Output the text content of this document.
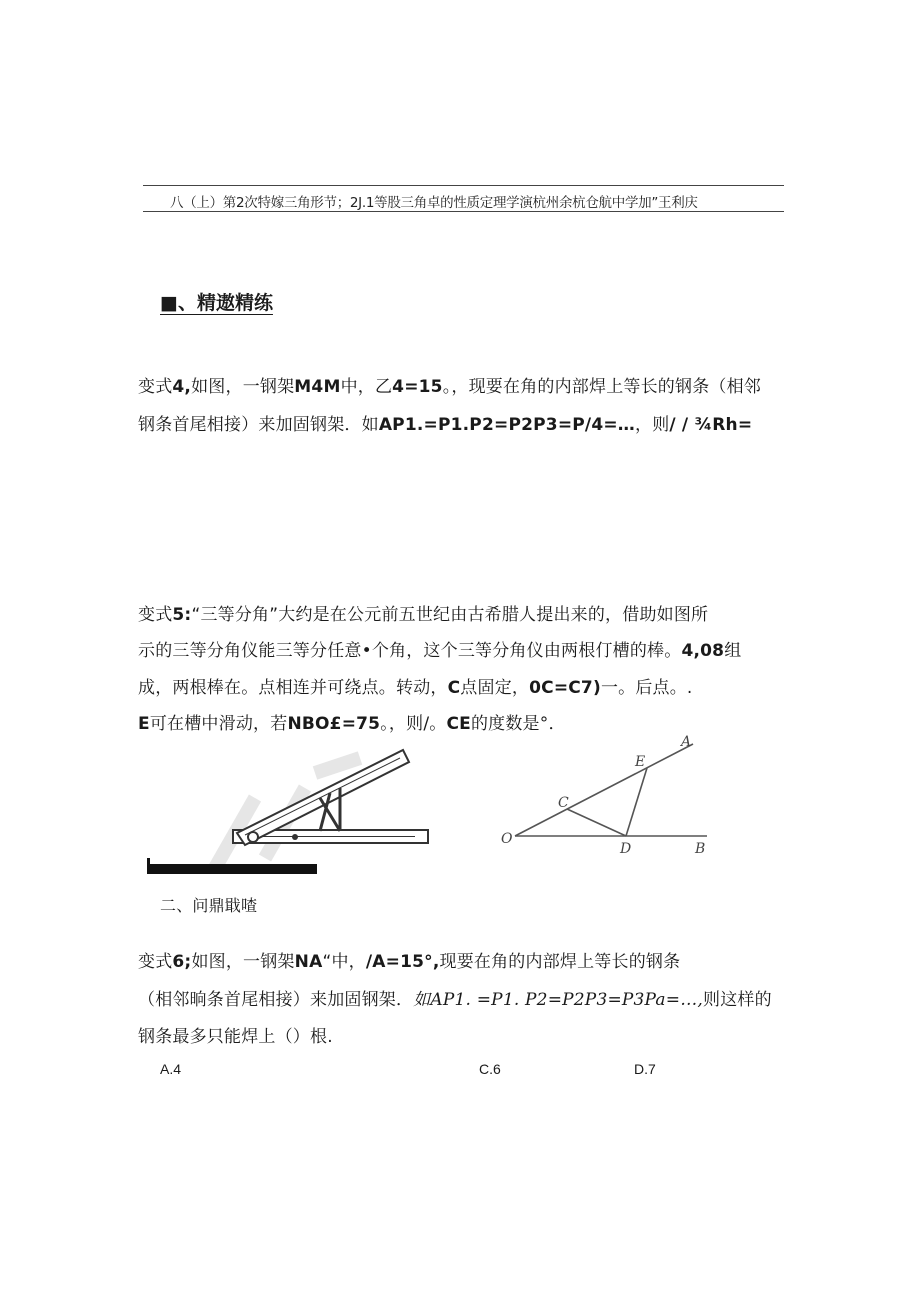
八（上）第2次特嫁三角形节；2J.1等股三角卓的性质定理学演杭州余杭仓航中学加”王利庆
■、精遨精练
变式4,如图，一钢架M4M中，乙4=15。，现要在角的内部焊上等长的钢条（相邻
钢条首尾相接）来加固钢架．如AP1.=P1.P2=P2P3=P/4=…，则/ / ¾Rh=
变式5:“三等分角”大约是在公元前五世纪由古希腊人提出来的，借助如图所
示的三等分角仪能三等分任意•个角，这个三等分角仪由两根仃槽的棒。4,08组
成，两根棒在。点相连并可绕点。转动，C点固定，0C=C7)一。后点。.
E可在槽中滑动，若NBO£=75。，则/。CE的度数是°．
A
E
C
O
D	B
二、问鼎戢喳
变式6;如图，一钢架NA“中，/A=15°,现要在角的内部焊上等长的钢条
（相邻晌条首尾相接）来加固钢架．如AP1. =P1. P2=P2P3=P3Pa=…,则这样的
钢条最多只能焊上（）根.
A.4	C.6	D.7
